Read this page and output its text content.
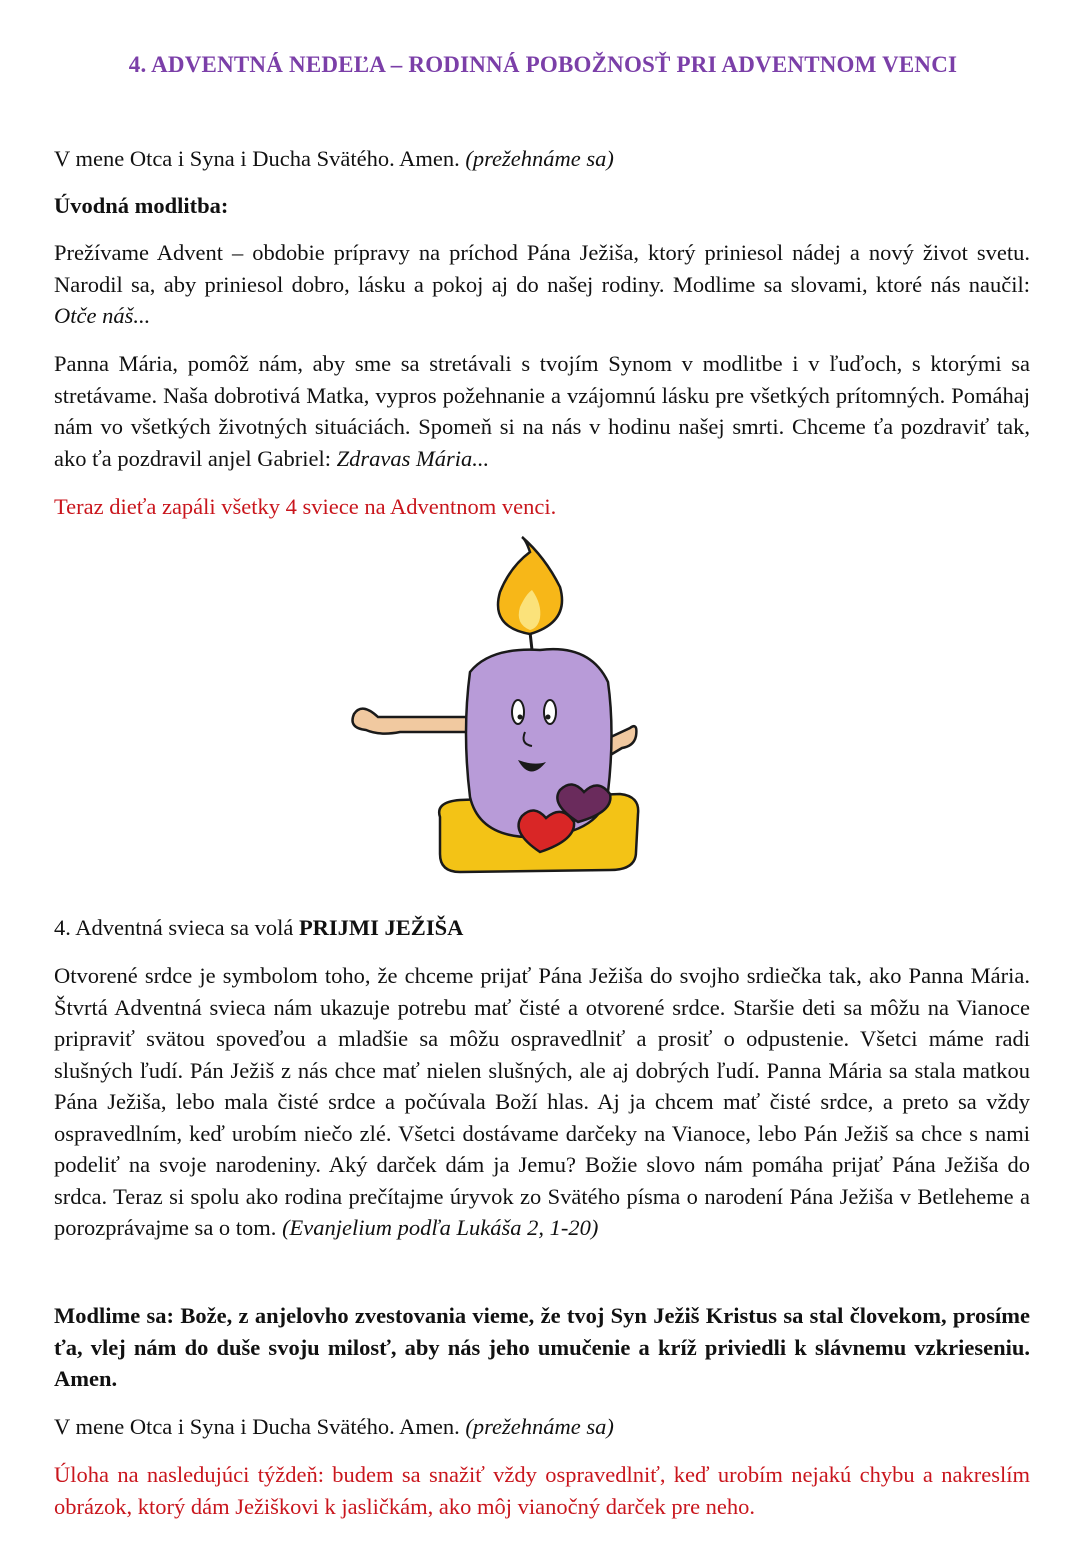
4. ADVENTNÁ NEDEĽA – RODINNÁ POBOŽNOSŤ PRI ADVENTNOM VENCI
V mene Otca i Syna i Ducha Svätého. Amen. (prežehnáme sa)
Úvodná modlitba:
Prežívame Advent – obdobie prípravy na príchod Pána Ježiša, ktorý priniesol nádej a nový život svetu. Narodil sa, aby priniesol dobro, lásku a pokoj aj do našej rodiny. Modlime sa slovami, ktoré nás naučil: Otče náš...
Panna Mária, pomôž nám, aby sme sa stretávali s tvojím Synom v modlitbe i v ľuďoch, s ktorými sa stretávame. Naša dobrotivá Matka, vypros požehnanie a vzájomnú lásku pre všetkých prítomných. Pomáhaj nám vo všetkých životných situáciách. Spomeň si na nás v hodinu našej smrti. Chceme ťa pozdraviť tak, ako ťa pozdravil anjel Gabriel: Zdravas Mária...
Teraz dieťa zapáli všetky 4 sviece na Adventnom venci.
4. Adventná svieca sa volá PRIJMI JEŽIŠA
Otvorené srdce je symbolom toho, že chceme prijať Pána Ježiša do svojho srdiečka tak, ako Panna Mária. Štvrtá Adventná svieca nám ukazuje potrebu mať čisté a otvorené srdce. Staršie deti sa môžu na Vianoce pripraviť svätou spoveďou a mladšie sa môžu ospravedlniť a prosiť o odpustenie. Všetci máme radi slušných ľudí. Pán Ježiš z nás chce mať nielen slušných, ale aj dobrých ľudí. Panna Mária sa stala matkou Pána Ježiša, lebo mala čisté srdce a počúvala Boží hlas. Aj ja chcem mať čisté srdce, a preto sa vždy ospravedlním, keď urobím niečo zlé. Všetci dostávame darčeky na Vianoce, lebo Pán Ježiš sa chce s nami podeliť na svoje narodeniny. Aký darček dám ja Jemu? Božie slovo nám pomáha prijať Pána Ježiša do srdca. Teraz si spolu ako rodina prečítajme úryvok zo Svätého písma o narodení Pána Ježiša v Betleheme a porozprávajme sa o tom. (Evanjelium podľa Lukáša 2, 1-20)
Modlime sa: Bože, z anjelovho zvestovania vieme, že tvoj Syn Ježiš Kristus sa stal človekom, prosíme ťa, vlej nám do duše svoju milosť, aby nás jeho umučenie a kríž priviedli k slávnemu vzkrieseniu. Amen.
V mene Otca i Syna i Ducha Svätého. Amen. (prežehnáme sa)
Úloha na nasledujúci týždeň: budem sa snažiť vždy ospravedlniť, keď urobím nejakú chybu a nakreslím obrázok, ktorý dám Ježiškovi k jasličkám, ako môj vianočný darček pre neho.
